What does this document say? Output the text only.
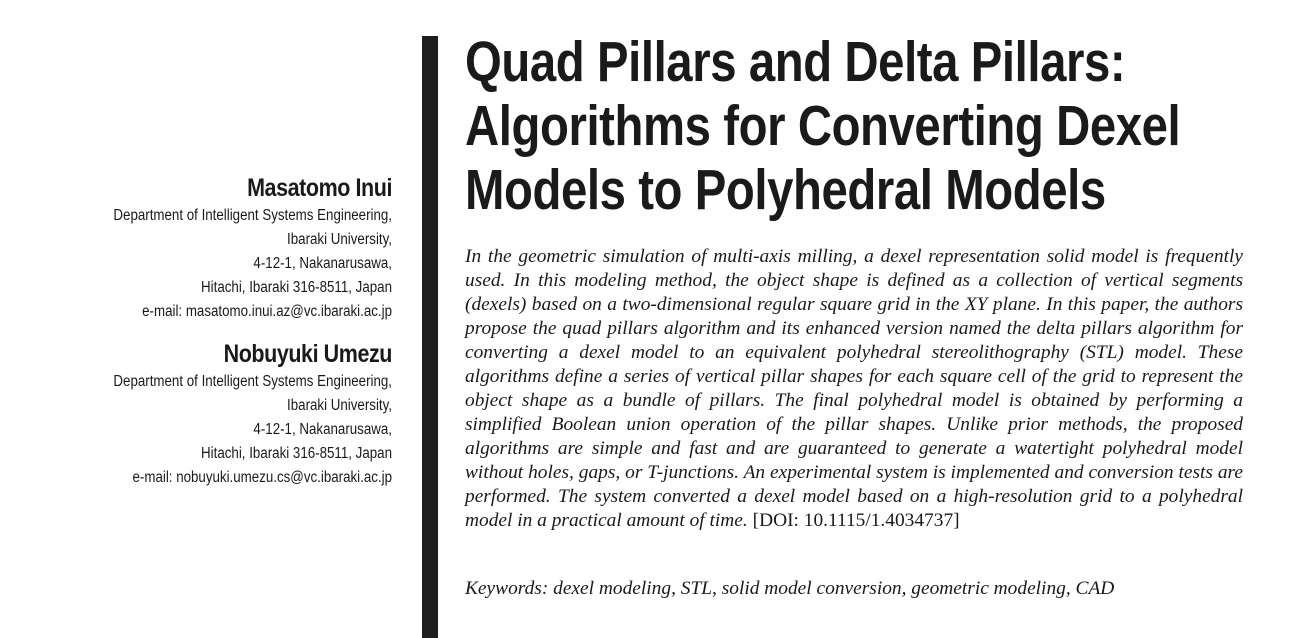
Masatomo Inui
Department of Intelligent Systems Engineering,
Ibaraki University,
4-12-1, Nakanarusawa,
Hitachi, Ibaraki 316-8511, Japan
e-mail: masatomo.inui.az@vc.ibaraki.ac.jp
Nobuyuki Umezu
Department of Intelligent Systems Engineering,
Ibaraki University,
4-12-1, Nakanarusawa,
Hitachi, Ibaraki 316-8511, Japan
e-mail: nobuyuki.umezu.cs@vc.ibaraki.ac.jp
Quad Pillars and Delta Pillars:
Algorithms for Converting Dexel
Models to Polyhedral Models

In the geometric simulation of multi-axis milling, a dexel representation solid model is frequently used. In this modeling method, the object shape is defined as a collection of vertical segments (dexels) based on a two-dimensional regular square grid in the XY plane. In this paper, the authors propose the quad pillars algorithm and its enhanced version named the delta pillars algorithm for converting a dexel model to an equivalent polyhedral stereolithography (STL) model. These algorithms define a series of vertical pillar shapes for each square cell of the grid to represent the object shape as a bundle of pillars. The final polyhedral model is obtained by performing a simplified Boolean union operation of the pillar shapes. Unlike prior methods, the proposed algorithms are simple and fast and are guaranteed to generate a watertight polyhedral model without holes, gaps, or T-junctions. An experimental system is implemented and conversion tests are performed. The system converted a dexel model based on a high-resolution grid to a polyhedral model in a practical amount of time. [DOI: 10.1115/1.4034737]

Keywords: dexel modeling, STL, solid model conversion, geometric modeling, CAD
